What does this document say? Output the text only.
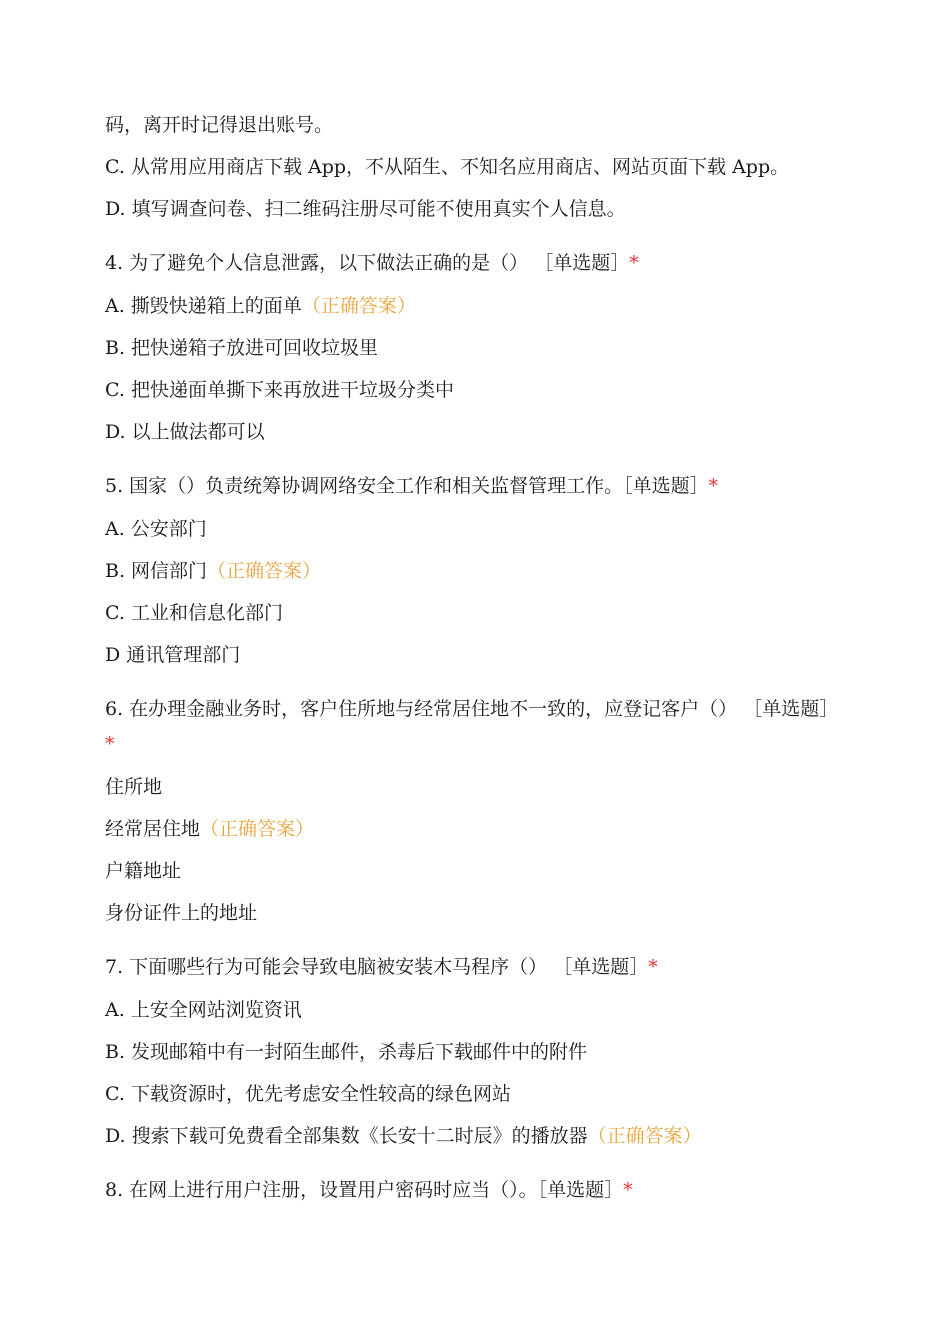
码，离开时记得退出账号。
C. 从常用应用商店下载 App，不从陌生、不知名应用商店、网站页面下载 App。
D. 填写调查问卷、扫二维码注册尽可能不使用真实个人信息。
4. 为了避免个人信息泄露，以下做法正确的是（） ［单选题］*
A. 撕毁快递箱上的面单（正确答案）
B. 把快递箱子放进可回收垃圾里
C. 把快递面单撕下来再放进干垃圾分类中
D. 以上做法都可以
5. 国家（）负责统筹协调网络安全工作和相关监督管理工作。［单选题］*
A. 公安部门
B. 网信部门（正确答案）
C. 工业和信息化部门
D 通讯管理部门
6. 在办理金融业务时，客户住所地与经常居住地不一致的，应登记客户（） ［单选题］*
住所地
经常居住地（正确答案）
户籍地址
身份证件上的地址
7. 下面哪些行为可能会导致电脑被安装木马程序（） ［单选题］*
A. 上安全网站浏览资讯
B. 发现邮箱中有一封陌生邮件，杀毒后下载邮件中的附件
C. 下载资源时，优先考虑安全性较高的绿色网站
D. 搜索下载可免费看全部集数《长安十二时辰》的播放器（正确答案）
8. 在网上进行用户注册，设置用户密码时应当（）。［单选题］*
